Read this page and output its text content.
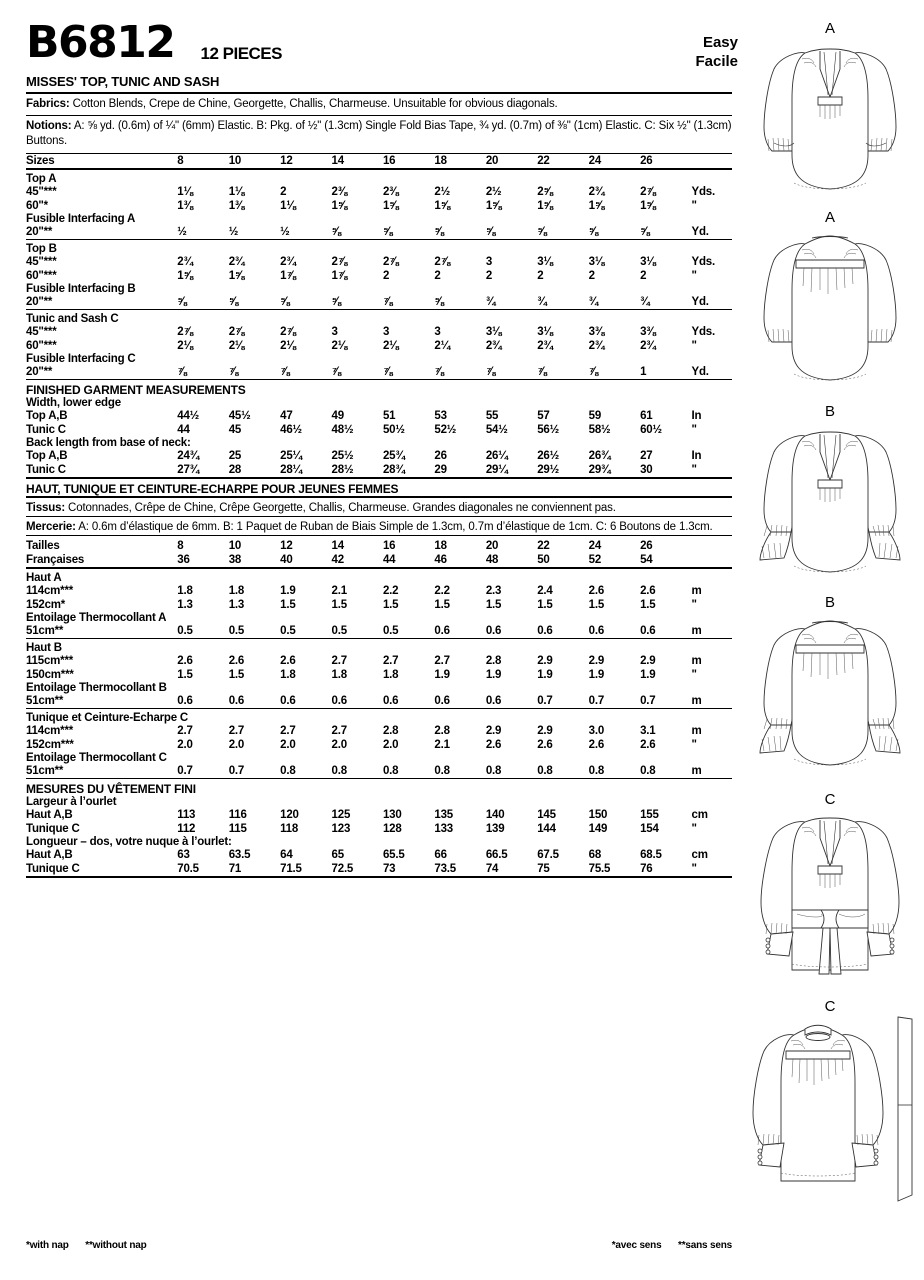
B6812 12 PIECES
Easy
Facile
MISSES' TOP, TUNIC AND SASH
Fabrics: Cotton Blends, Crepe de Chine, Georgette, Challis, Charmeuse. Unsuitable for obvious diagonals.
Notions: A: ⅝ yd. (0.6m) of ¼" (6mm) Elastic. B: Pkg. of ½" (1.3cm) Single Fold Bias Tape, ¾ yd. (0.7m) of ⅜" (1cm) Elastic. C: Six ½" (1.3cm) Buttons.
Sizes	8	10	12	14	16	18	20	22	24	26	

Top A											
45"***	1⅛	1⅛	2	2⅜	2⅜	2½	2½	2⅝	2¾	2⅞	Yds.
60"*	1⅜	1⅜	1⅛	1⅝	1⅝	1⅝	1⅝	1⅝	1⅝	1⅝	"
Fusible Interfacing A											
20"**	½	½	½	⅝	⅝	⅝	⅝	⅝	⅝	⅝	Yd.

Top B											
45"***	2¾	2¾	2¾	2⅞	2⅞	2⅞	3	3⅛	3⅛	3⅛	Yds.
60"***	1⅝	1⅝	1⅞	1⅞	2	2	2	2	2	2	"
Fusible Interfacing B											
20"**	⅝	⅝	⅝	⅝	⅞	⅝	¾	¾	¾	¾	Yd.

Tunic and Sash C											
45"***	2⅞	2⅞	2⅞	3	3	3	3⅛	3⅛	3⅜	3⅜	Yds.
60"***	2⅛	2⅛	2⅛	2⅛	2⅛	2¼	2¾	2¾	2¾	2¾	"
Fusible Interfacing C											
20"**	⅞	⅞	⅞	⅞	⅞	⅞	⅞	⅞	⅞	1	Yd.

FINISHED GARMENT MEASUREMENTS											
Width, lower edge											
Top A,B	44½	45½	47	49	51	53	55	57	59	61	In
Tunic C	44	45	46½	48½	50½	52½	54½	56½	58½	60½	"
Back length from base of neck:											
Top A,B	24¾	25	25¼	25½	25¾	26	26¼	26½	26¾	27	In
Tunic C	27¾	28	28¼	28½	28¾	29	29¼	29½	29¾	30	"

HAUT, TUNIQUE ET CEINTURE-ECHARPE POUR JEUNES FEMMES											

Tissus: Cotonnades, Crêpe de Chine, Crêpe Georgette, Challis, Charmeuse. Grandes diagonales ne conviennent pas.											

Mercerie: A: 0.6m d’élastique de 6mm. B: 1 Paquet de Ruban de Biais Simple de 1.3cm, 0.7m d’élastique de 1cm. C: 6 Boutons de 1.3cm.											

Tailles	8	10	12	14	16	18	20	22	24	26	
Françaises	36	38	40	42	44	46	48	50	52	54	

Haut A											
114cm***	1.8	1.8	1.9	2.1	2.2	2.2	2.3	2.4	2.6	2.6	m
152cm*	1.3	1.3	1.5	1.5	1.5	1.5	1.5	1.5	1.5	1.5	"
Entoilage Thermocollant A											
51cm**	0.5	0.5	0.5	0.5	0.5	0.6	0.6	0.6	0.6	0.6	m

Haut B											
115cm***	2.6	2.6	2.6	2.7	2.7	2.7	2.8	2.9	2.9	2.9	m
150cm***	1.5	1.5	1.8	1.8	1.8	1.9	1.9	1.9	1.9	1.9	"
Entoilage Thermocollant B											
51cm**	0.6	0.6	0.6	0.6	0.6	0.6	0.6	0.7	0.7	0.7	m

Tunique et Ceinture-Echarpe C											
114cm***	2.7	2.7	2.7	2.7	2.8	2.8	2.9	2.9	3.0	3.1	m
152cm***	2.0	2.0	2.0	2.0	2.0	2.1	2.6	2.6	2.6	2.6	"
Entoilage Thermocollant C											
51cm**	0.7	0.7	0.8	0.8	0.8	0.8	0.8	0.8	0.8	0.8	m

MESURES DU VÊTEMENT FINI											
Largeur à l’ourlet											
Haut A,B	113	116	120	125	130	135	140	145	150	155	cm
Tunique C	112	115	118	123	128	133	139	144	149	154	"
Longueur – dos, votre nuque à l’ourlet:											
Haut A,B	63	63.5	64	65	65.5	66	66.5	67.5	68	68.5	cm
Tunique C	70.5	71	71.5	72.5	73	73.5	74	75	75.5	76	"

*with nap **without nap	*avec sens **sans sens
A
A
B
B
C
C
